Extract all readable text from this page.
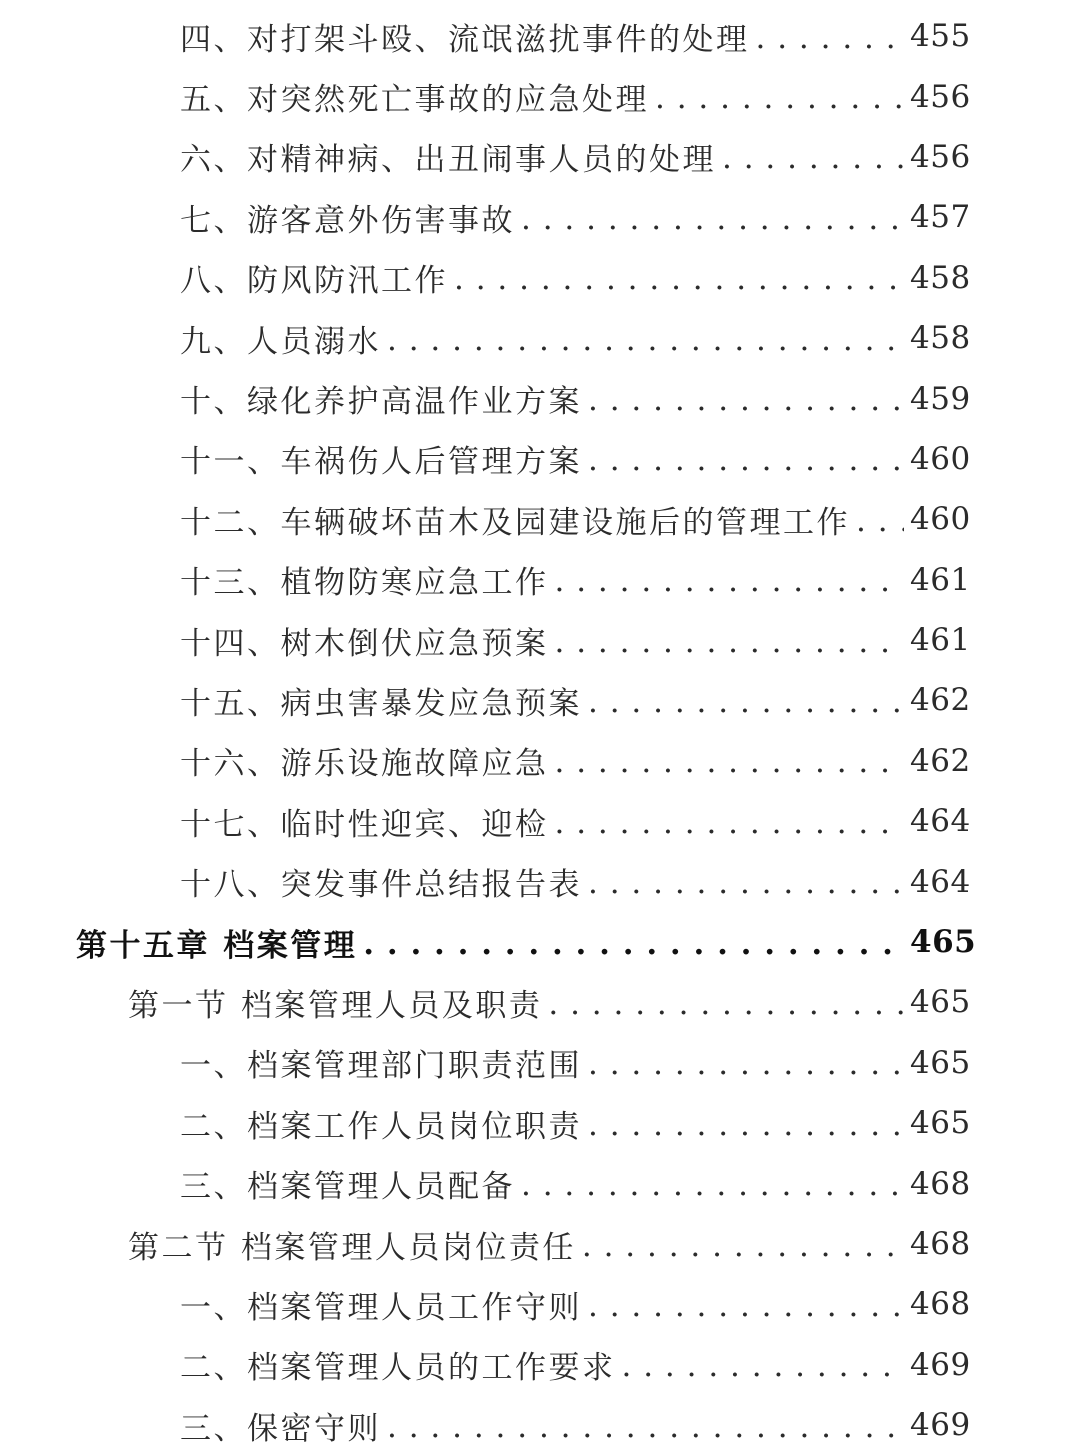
四、对打架斗殴、流氓滋扰事件的处理 . . .	455
五、对突然死亡事故的应急处理 . . .	456
六、对精神病、出丑闹事人员的处理 . . .	456
七、游客意外伤害事故 . . .	457
八、防风防汛工作 . . .	458
九、人员溺水 . . .	458
十、绿化养护高温作业方案 . . .	459
十一、车祸伤人后管理方案 . . .	460
十二、车辆破坏苗木及园建设施后的管理工作 . . . 460
十三、植物防寒应急工作 . . .	461
十四、树木倒伏应急预案 . . .	461
十五、病虫害暴发应急预案 . . .	462
十六、游乐设施故障应急 . . .	462
十七、临时性迎宾、迎检 . . .	464
十八、突发事件总结报告表 . . .	464
第十五章 档案管理 . . .	465
第一节 档案管理人员及职责 . . .	465
一、档案管理部门职责范围 . . .	465
二、档案工作人员岗位职责 . . .	465
三、档案管理人员配备 . . .	468
第二节 档案管理人员岗位责任 . . .	468
一、档案管理人员工作守则 . . .	468
二、档案管理人员的工作要求 . . .	469
三、保密守则 . . .	469
